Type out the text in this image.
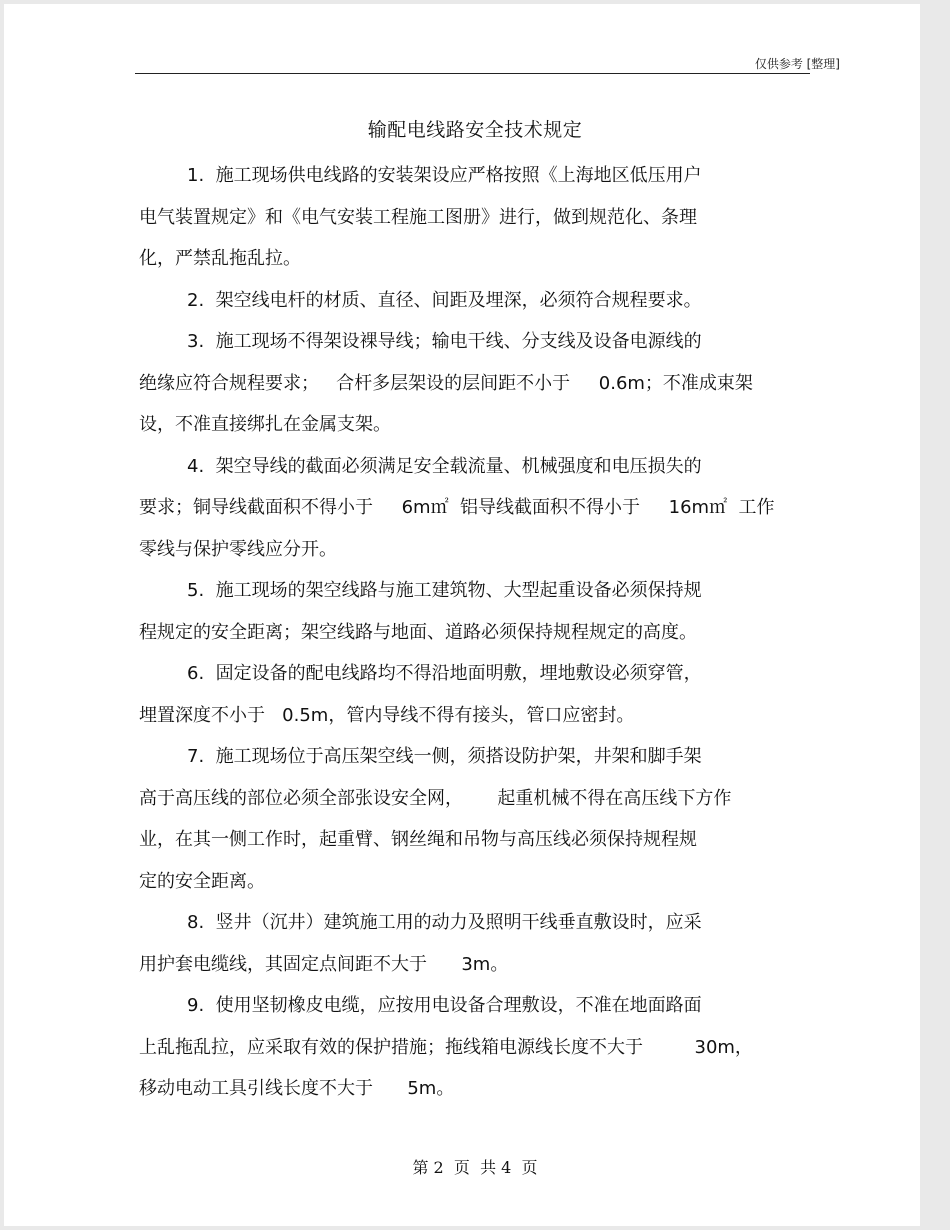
仅供参考 [整理]
输配电线路安全技术规定
1.  施工现场供电线路的安装架设应严格按照《上海地区低压用户
电气装置规定》和《电气安装工程施工图册》进行，做到规范化、条理
化，严禁乱拖乱拉。
2.  架空线电杆的材质、直径、间距及埋深，必须符合规程要求。
3.  施工现场不得架设裸导线；输电干线、分支线及设备电源线的
绝缘应符合规程要求；   合杆多层架设的层间距不小于     0.6m；不准成束架
设，不准直接绑扎在金属支架。
4.  架空导线的截面必须满足安全载流量、机械强度和电压损失的
要求；铜导线截面积不得小于     6m㎡  铝导线截面积不得小于     16m㎡  工作
零线与保护零线应分开。
5.  施工现场的架空线路与施工建筑物、大型起重设备必须保持规
程规定的安全距离；架空线路与地面、道路必须保持规程规定的高度。
6.  固定设备的配电线路均不得沿地面明敷，埋地敷设必须穿管，
埋置深度不小于   0.5m，管内导线不得有接头，管口应密封。
7.  施工现场位于高压架空线一侧，须搭设防护架，井架和脚手架
高于高压线的部位必须全部张设安全网，      起重机械不得在高压线下方作
业，在其一侧工作时，起重臂、钢丝绳和吊物与高压线必须保持规程规
定的安全距离。
8.  竖井（沉井）建筑施工用的动力及照明干线垂直敷设时，应采
用护套电缆线，其固定点间距不大于      3m。
9.  使用坚韧橡皮电缆，应按用电设备合理敷设，不准在地面路面
上乱拖乱拉，应采取有效的保护措施；拖线箱电源线长度不大于         30m，
移动电动工具引线长度不大于      5m。
第 2  页  共 4  页
